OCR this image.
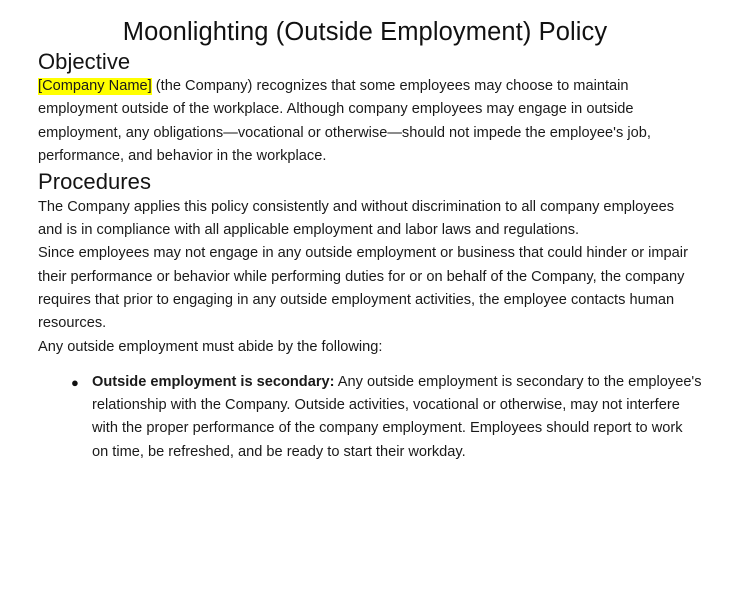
Moonlighting (Outside Employment) Policy
Objective

[Company Name] (the Company) recognizes that some employees may choose to maintain employment outside of the workplace. Although company employees may engage in outside employment, any obligations—vocational or otherwise—should not impede the employee's job, performance, and behavior in the workplace.

Procedures

The Company applies this policy consistently and without discrimination to all company employees and is in compliance with all applicable employment and labor laws and regulations.

Since employees may not engage in any outside employment or business that could hinder or impair their performance or behavior while performing duties for or on behalf of the Company, the company requires that prior to engaging in any outside employment activities, the employee contacts human resources.

Any outside employment must abide by the following:

● Outside employment is secondary: Any outside employment is secondary to the employee's relationship with the Company. Outside activities, vocational or otherwise, may not interfere with the proper performance of the company employment. Employees should report to work on time, be refreshed, and be ready to start their workday.
